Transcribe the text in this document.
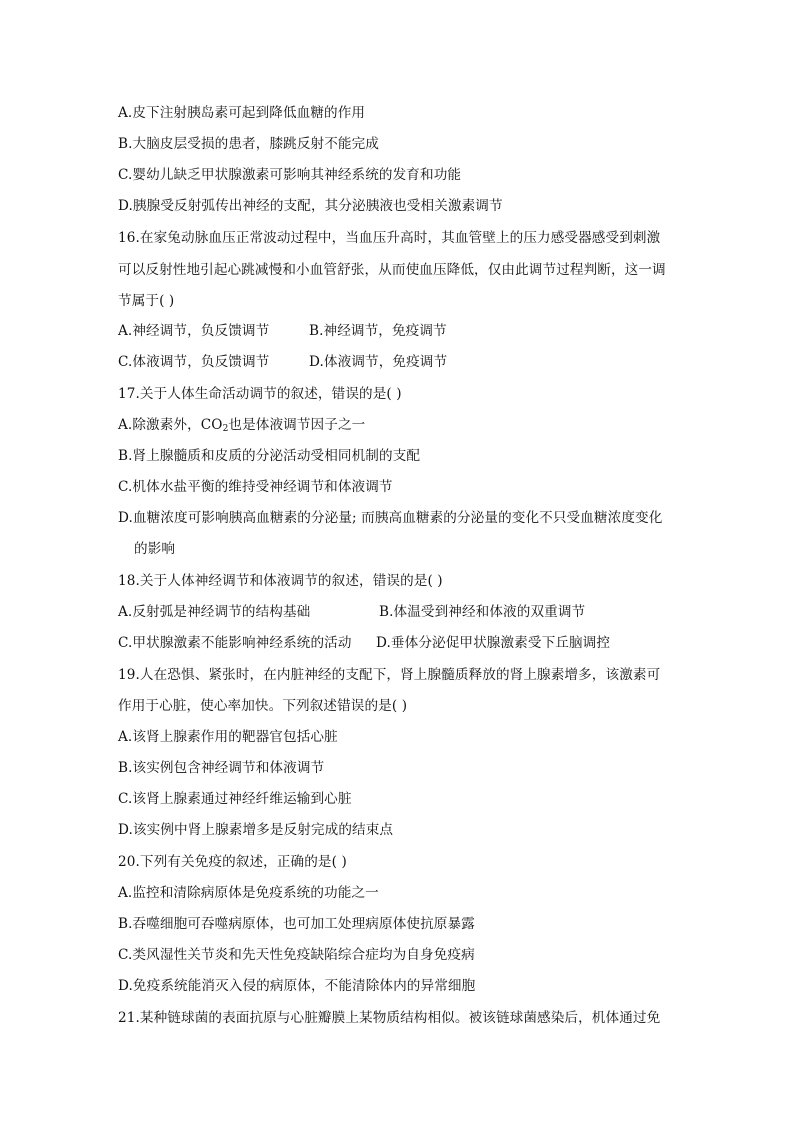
A.皮下注射胰岛素可起到降低血糖的作用
B.大脑皮层受损的患者，膝跳反射不能完成
C.婴幼儿缺乏甲状腺激素可影响其神经系统的发育和功能
D.胰腺受反射弧传出神经的支配，其分泌胰液也受相关激素调节
16.在家兔动脉血压正常波动过程中，当血压升高时，其血管壁上的压力感受器感受到刺激
可以反射性地引起心跳减慢和小血管舒张，从而使血压降低，仅由此调节过程判断，这一调
节属于( )
A.神经调节，负反馈调节	B.神经调节，免疫调节
C.体液调节，负反馈调节	D.体液调节，免疫调节
17.关于人体生命活动调节的叙述，错误的是( )
A.除激素外，$CO_2$也是体液调节因子之一
B.肾上腺髓质和皮质的分泌活动受相同机制的支配
C.机体水盐平衡的维持受神经调节和体液调节
D.血糖浓度可影响胰高血糖素的分泌量; 而胰高血糖素的分泌量的变化不只受血糖浓度变化
的影响
18.关于人体神经调节和体液调节的叙述，错误的是( )
A.反射弧是神经调节的结构基础	B.体温受到神经和体液的双重调节
C.甲状腺激素不能影响神经系统的活动 D.垂体分泌促甲状腺激素受下丘脑调控
19.人在恐惧、紧张时，在内脏神经的支配下，肾上腺髓质释放的肾上腺素增多，该激素可
作用于心脏，使心率加快。下列叙述错误的是( )
A.该肾上腺素作用的靶器官包括心脏
B.该实例包含神经调节和体液调节
C.该肾上腺素通过神经纤维运输到心脏
D.该实例中肾上腺素增多是反射完成的结束点
20.下列有关免疫的叙述，正确的是( )
A.监控和清除病原体是免疫系统的功能之一
B.吞噬细胞可吞噬病原体，也可加工处理病原体使抗原暴露
C.类风湿性关节炎和先天性免疫缺陷综合症均为自身免疫病
D.免疫系统能消灭入侵的病原体，不能清除体内的异常细胞
21.某种链球菌的表面抗原与心脏瓣膜上某物质结构相似。被该链球菌感染后，机体通过免
